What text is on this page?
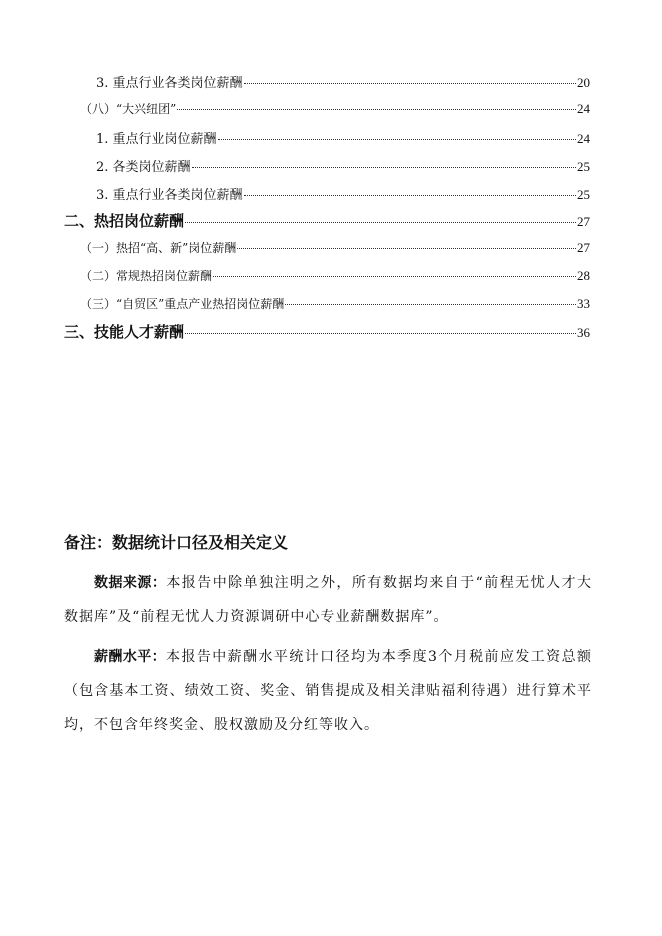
3. 重点行业各类岗位薪酬	20
（八）“大兴纽团”	24
1. 重点行业岗位薪酬	24
2. 各类岗位薪酬	25
3. 重点行业各类岗位薪酬	25
二、热招岗位薪酬	27
（一）热招“高、新”岗位薪酬	27
（二）常规热招岗位薪酬	28
（三）“自贸区”重点产业热招岗位薪酬	33
三、技能人才薪酬	36
备注：数据统计口径及相关定义

数据来源：本报告中除单独注明之外，所有数据均来自于“前程无忧人才大数据库”及“前程无忧人力资源调研中心专业薪酬数据库”。

薪酬水平：本报告中薪酬水平统计口径均为本季度3个月税前应发工资总额（包含基本工资、绩效工资、奖金、销售提成及相关津贴福利待遇）进行算术平均，不包含年终奖金、股权激励及分红等收入。
